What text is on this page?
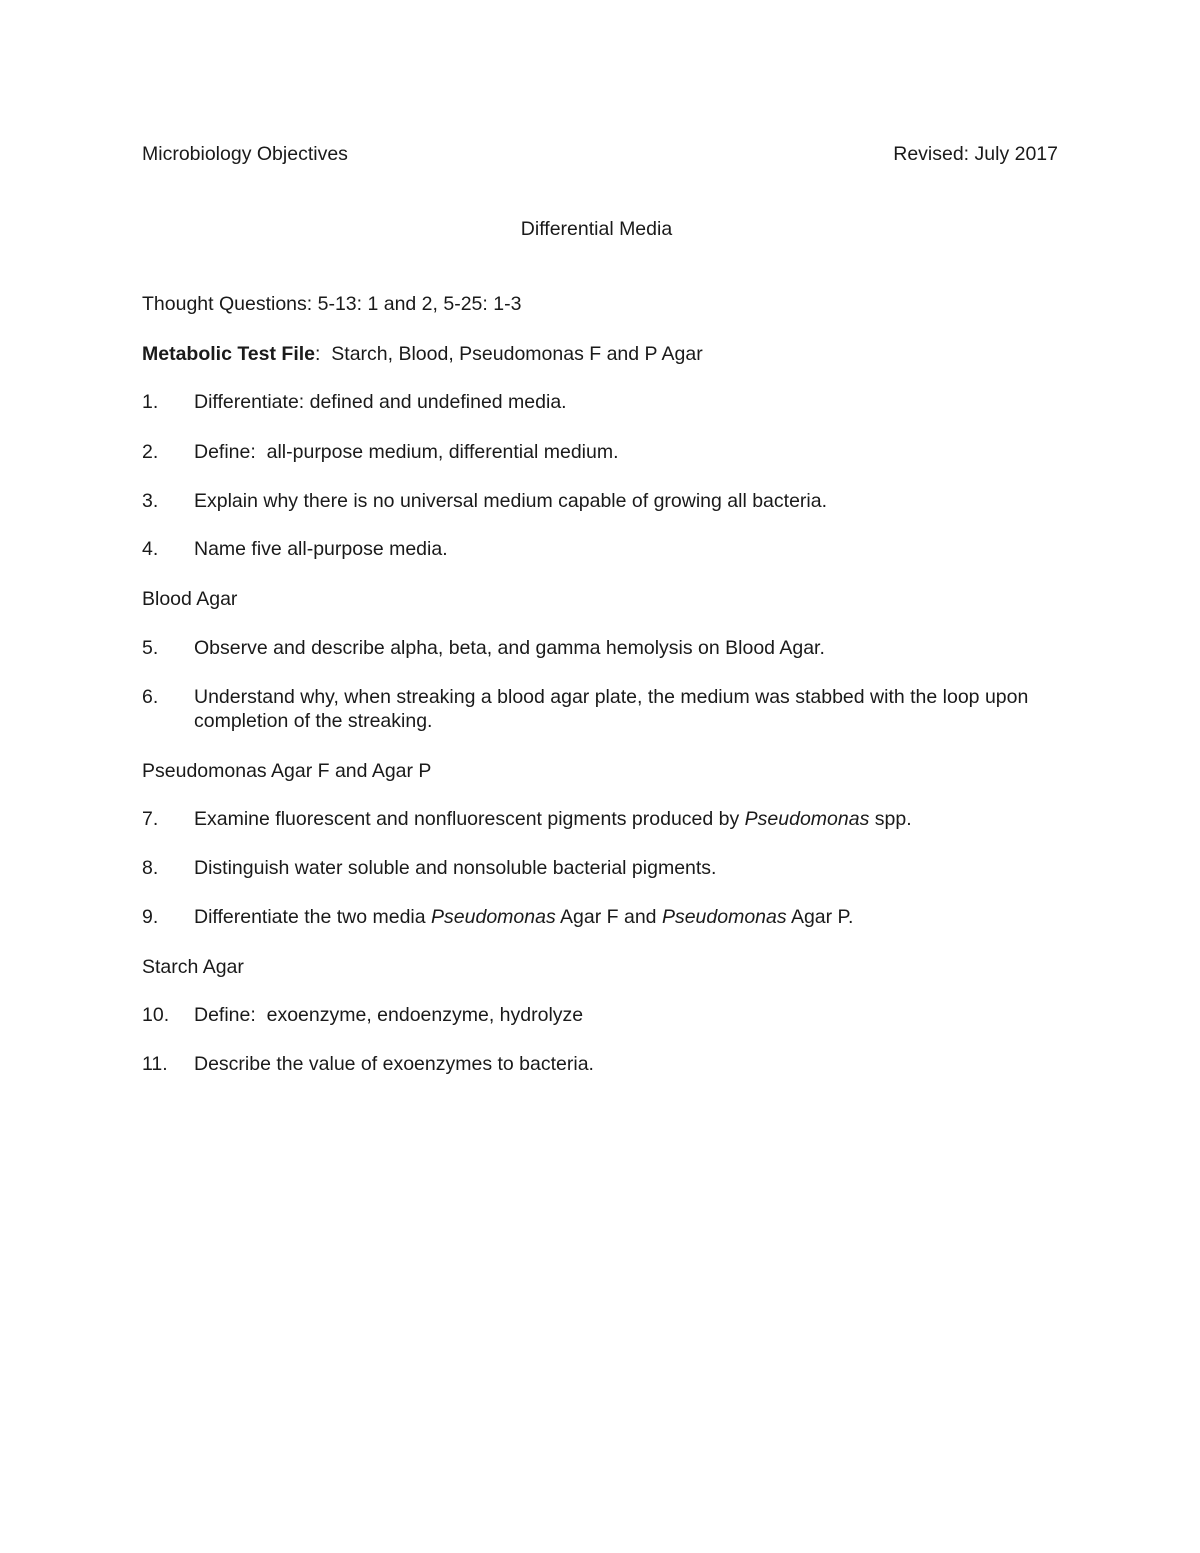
Microbiology Objectives	Revised: July 2017
Differential Media
Thought Questions: 5-13: 1 and 2, 5-25: 1-3
Metabolic Test File:  Starch, Blood, Pseudomonas F and P Agar
1.	Differentiate: defined and undefined media.
2.	Define:  all-purpose medium, differential medium.
3.	Explain why there is no universal medium capable of growing all bacteria.
4.	Name five all-purpose media.
Blood Agar
5.	Observe and describe alpha, beta, and gamma hemolysis on Blood Agar.
6.	Understand why, when streaking a blood agar plate, the medium was stabbed with the loop upon completion of the streaking.
Pseudomonas Agar F and Agar P
7.	Examine fluorescent and nonfluorescent pigments produced by Pseudomonas spp.
8.	Distinguish water soluble and nonsoluble bacterial pigments.
9.	Differentiate the two media Pseudomonas Agar F and Pseudomonas Agar P.
Starch Agar
10.	Define:  exoenzyme, endoenzyme, hydrolyze
11.	Describe the value of exoenzymes to bacteria.
